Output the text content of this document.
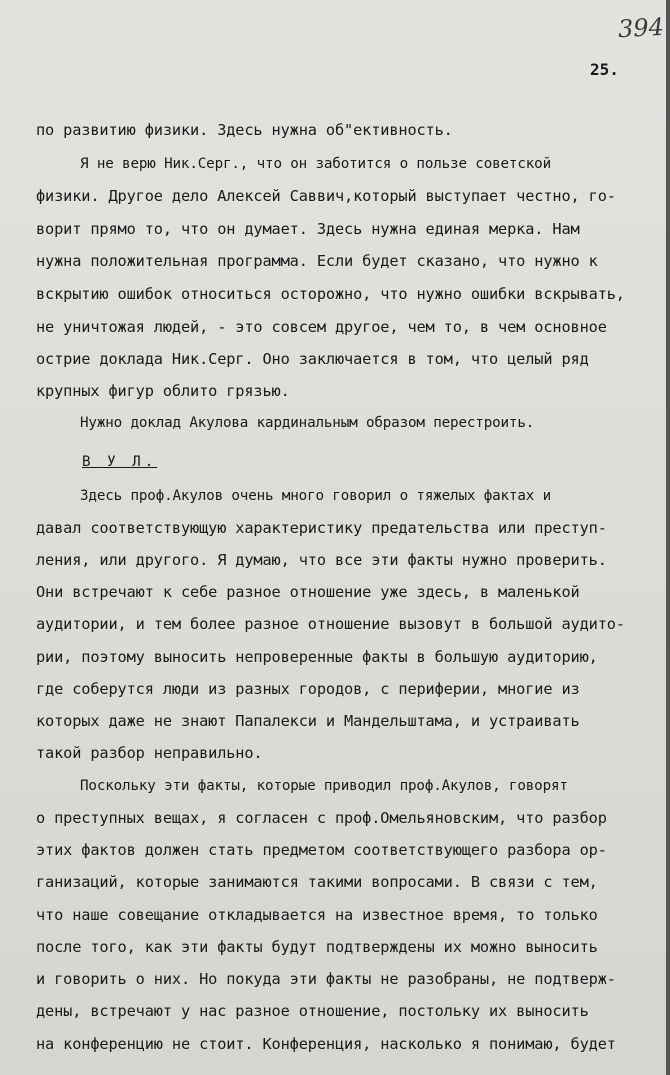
394
25.

по развитию физики. Здесь нужна об"ективность.

Я не верю Ник.Серг., что он заботится о пользе советской

физики. Другое дело Алексей Саввич,который выступает честно, го-

ворит прямо то, что он думает. Здесь нужна единая мерка. Нам

нужна положительная программа. Если будет сказано, что нужно к

вскрытию ошибок относиться осторожно, что нужно ошибки вскрывать,

не уничтожая людей, - это совсем другое, чем то, в чем основное

острие доклада Ник.Серг. Оно заключается в том, что целый ряд

крупных фигур облито грязью.

Нужно доклад Акулова кардинальным образом перестроить.

В У Л.

Здесь проф.Акулов очень много говорил о тяжелых фактах и

давал соответствующую характеристику предательства или преступ-

ления, или другого. Я думаю, что все эти факты нужно проверить.

Они встречают к себе разное отношение уже здесь, в маленькой

аудитории, и тем более разное отношение вызовут в большой аудито-

рии, поэтому выносить непроверенные факты в большую аудиторию,

где соберутся люди из разных городов, с периферии, многие из

которых даже не знают Папалекси и Мандельштама, и устраивать

такой разбор неправильно.

Поскольку эти факты, которые приводил проф.Акулов, говорят

о преступных вещах, я согласен с проф.Омельяновским, что разбор

этих фактов должен стать предметом соответствующего разбора ор-

ганизаций, которые занимаются такими вопросами. В связи с тем,

что наше совещание откладывается на известное время, то только

после того, как эти факты будут подтверждены их можно выносить

и говорить о них. Но покуда эти факты не разобраны, не подтверж-

дены, встречают у нас разное отношение, постольку их выносить

на конференцию не стоит. Конференция, насколько я понимаю, будет
